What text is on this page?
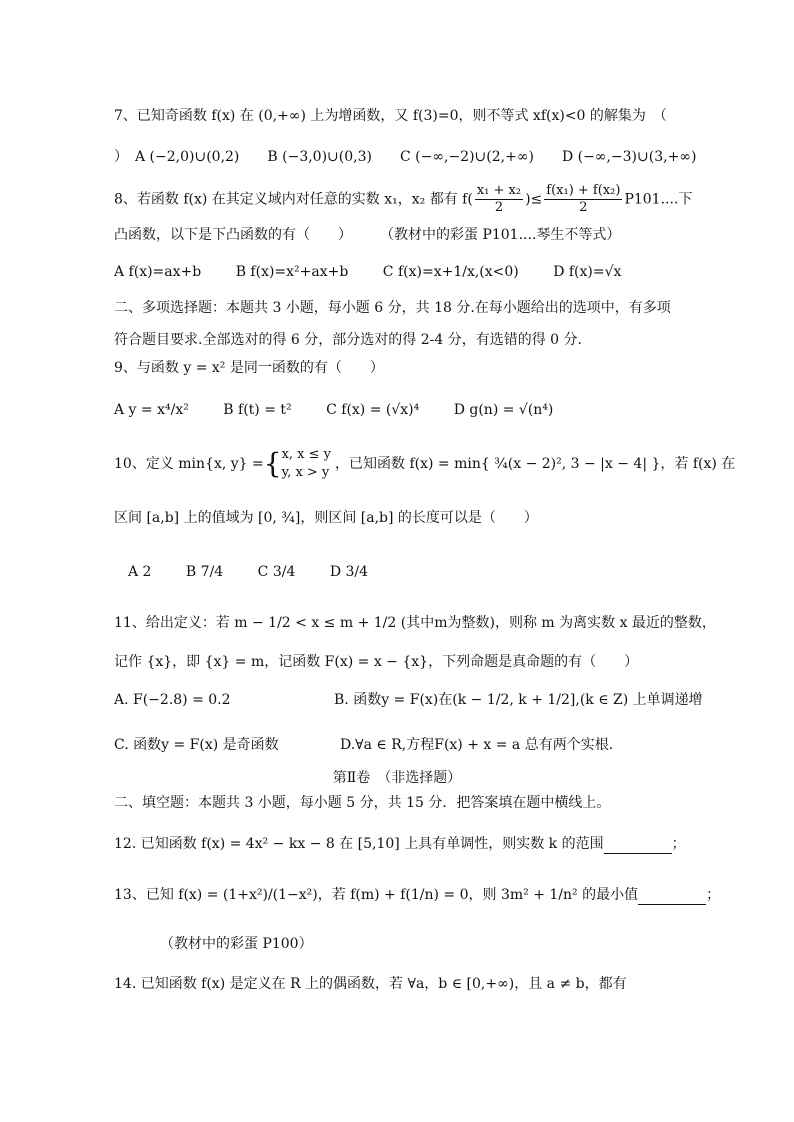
7、已知奇函数 f(x) 在 (0,+∞) 上为增函数，又 f(3)=0，则不等式 xf(x)<0 的解集为　（
）　A (−2,0)∪(0,2)　　B (−3,0)∪(0,3)　　C (−∞,−2)∪(2,+∞)　　D (−∞,−3)∪(3,+∞)
8、若函数 f(x) 在其定义域内对任意的实数 x₁，x₂ 都有 $f( \frac{\text{x₁ + x₂}}{2}$ )≤ $\frac{\text{f(x₁) + f(x₂)}}{2} P101$....下
凸函数，以下是下凸函数的有（　　）　　　（教材中的彩蛋 P101....琴生不等式）
A f(x)=ax+b B f(x)=x²+ax+b C f(x)=x+1/x,(x<0) D f(x)=√x
二、多项选择题：本题共 3 小题，每小题 6 分，共 18 分.在每小题给出的选项中，有多项
符合题目要求.全部选对的得 6 分，部分选对的得 2-4 分，有选错的得 0 分.
9、与函数 y = x² 是同一函数的有（　　）
A y = x⁴/x² B f(t) = t² C f(x) = (√x)⁴ D g(n) = √(n⁴)
10、定义 min{x, y} ={ x, x ≤ y
y, x > y
，已知函数 f(x) = min{ ¾(x − 2)², 3 − |x − 4| }，若 f(x) 在
区间 [a,b] 上的值域为 [0, ¾]，则区间 [a,b] 的长度可以是（　　）
A 2 B 7/4 C 3/4 D 3/4
11、给出定义：若 m − 1/2 < x ≤ m + 1/2 (其中m为整数)，则称 m 为离实数 x 最近的整数，
记作 {x}，即 {x} = m，记函数 F(x) = x − {x}，下列命题是真命题的有（　　）
A. F(−2.8) = 0.2	B. 函数y = F(x)在(k − 1/2, k + 1/2],(k ∈ Z) 上单调递增
C. 函数y = F(x) 是奇函数	D.∀a ∈ R,方程F(x) + x = a 总有两个实根.
第Ⅱ卷　（非选择题）
二、填空题：本题共 3 小题，每小题 5 分，共 15 分．把答案填在题中横线上。
12. 已知函数 f(x) = 4x² − kx − 8 在 [5,10] 上具有单调性，则实数 k 的范围	；
13、已知 f(x) = (1+x²)/(1−x²)，若 f(m) + f(1/n) = 0，则 3m² + 1/n² 的最小值	；
（教材中的彩蛋 P100）
14. 已知函数 f(x) 是定义在 R 上的偶函数，若 ∀a，b ∈ [0,+∞)，且 a ≠ b，都有
